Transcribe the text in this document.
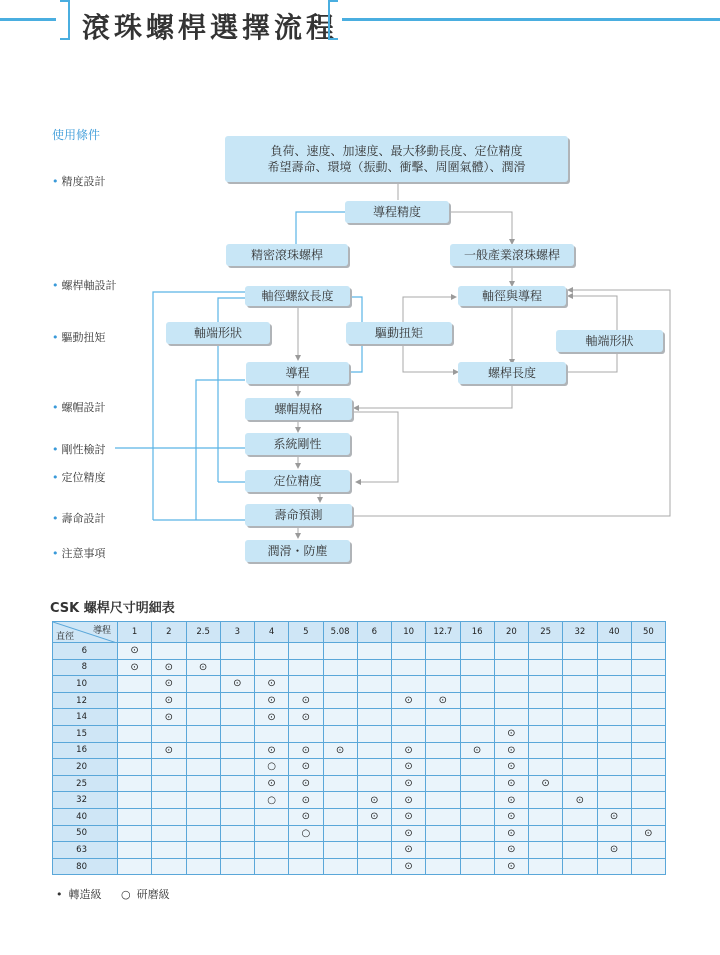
滾珠螺桿選擇流程
負荷、速度、加速度、最大移動長度、定位精度
希望壽命、環境（振動、衝擊、周圍氣體）、潤滑
導程精度
精密滾珠螺桿	一般產業滾珠螺桿
軸徑螺紋長度	軸徑與導程
軸端形狀	驅動扭矩
軸端形狀
導程	螺桿長度
螺帽規格
系統剛性
定位精度
壽命預測
潤滑・防塵
使用條件
• 精度設計
• 螺桿軸設計
• 驅動扭矩
• 螺帽設計
• 剛性檢討
• 定位精度
• 壽命設計
• 注意事項
CSK 螺桿尺寸明細表
導程
直徑	1	2	2.5	3	4	5	5.08	6	10	12.7	16	20	25	32	40	50
6	⊙															
8	⊙	⊙	⊙													
10		⊙		⊙	⊙											
12		⊙			⊙	⊙			⊙	⊙						
14		⊙			⊙	⊙										
15												⊙				
16		⊙			⊙	⊙	⊙		⊙		⊙	⊙				
20					○	⊙			⊙			⊙				
25					⊙	⊙			⊙			⊙	⊙			
32					○	⊙		⊙	⊙			⊙		⊙		
40						⊙		⊙	⊙			⊙			⊙	
50						○			⊙			⊙				⊙
63									⊙			⊙			⊙	
80									⊙			⊙				
• 轉造級 ○ 研磨級
